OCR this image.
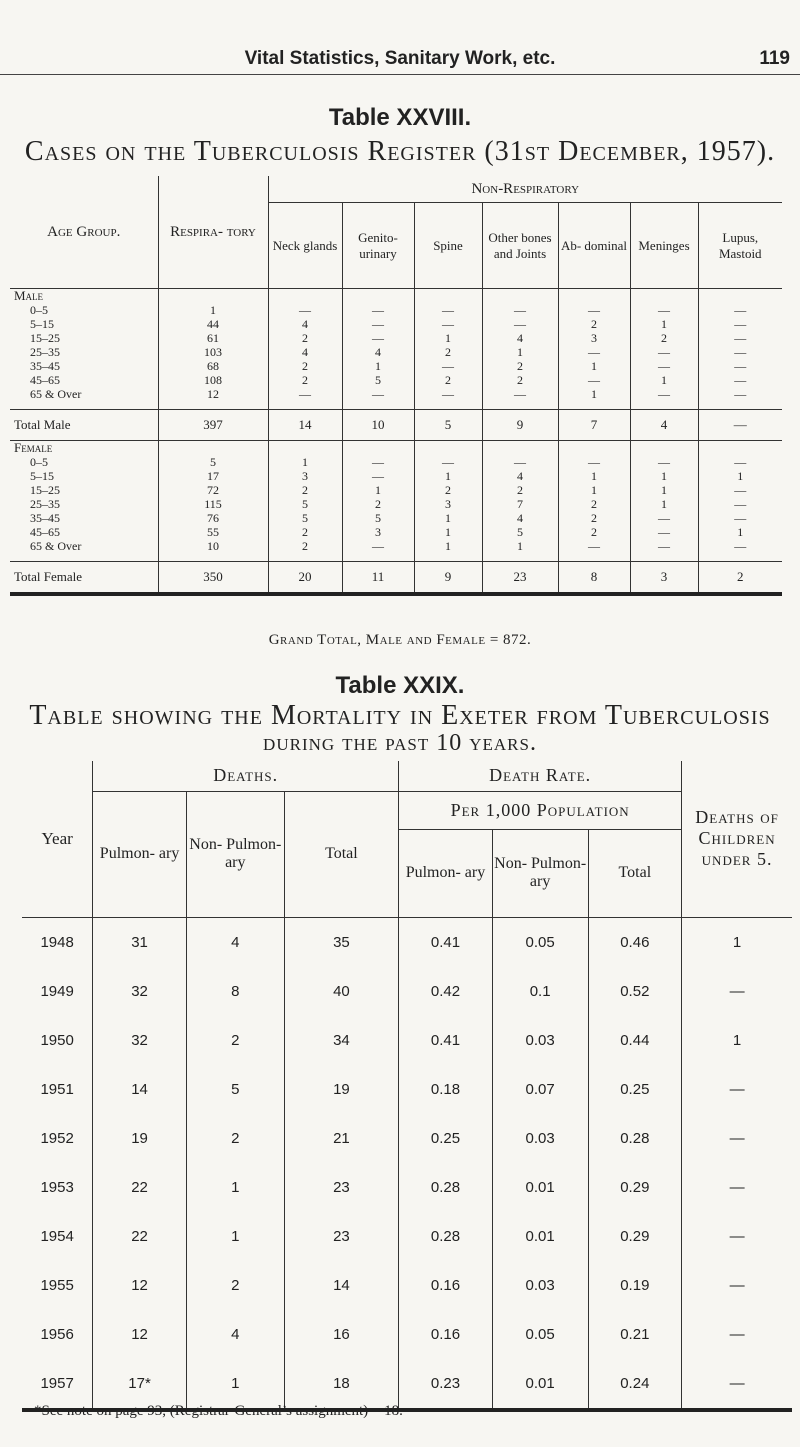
Vital Statistics, Sanitary Work, etc.	119
Table XXVIII.
Cases on the Tuberculosis Register (31st December, 1957).
Age Group.	Respira- tory	Non-Respiratory						
		Neck glands	Genito- urinary	Spine	Other bones and Joints	Ab- dominal	Meninges	Lupus, Mastoid
Male								
0–5	1	—	—	—	—	—	—	—
5–15	44	4	—	—	—	2	1	—
15–25	61	2	—	1	4	3	2	—
25–35	103	4	4	2	1	—	—	—
35–45	68	2	1	—	2	1	—	—
45–65	108	2	5	2	2	—	1	—
65 & Over	12	—	—	—	—	1	—	—
Total Male	397	14	10	5	9	7	4	—
Female								
0–5	5	1	—	—	—	—	—	—
5–15	17	3	—	1	4	1	1	1
15–25	72	2	1	2	2	1	1	—
25–35	115	5	2	3	7	2	1	—
35–45	76	5	5	1	4	2	—	—
45–65	55	2	3	1	5	2	—	1
65 & Over	10	2	—	1	1	—	—	—
Total Female	350	20	11	9	23	8	3	2
Grand Total, Male and Female = 872.
Table XXIX.
Table showing the Mortality in Exeter from Tuberculosis
during the past 10 years.
Year	Deaths.			Death Rate.			Deaths of Children under 5.
	Pulmon- ary	Non- Pulmon- ary	Total	Per 1,000 Population			
				Pulmon- ary	Non- Pulmon- ary	Total	
1948	31	4	35	0.41	0.05	0.46	1
1949	32	8	40	0.42	0.1	0.52	—
1950	32	2	34	0.41	0.03	0.44	1
1951	14	5	19	0.18	0.07	0.25	—
1952	19	2	21	0.25	0.03	0.28	—
1953	22	1	23	0.28	0.01	0.29	—
1954	22	1	23	0.28	0.01	0.29	—
1955	12	2	14	0.16	0.03	0.19	—
1956	12	4	16	0.16	0.05	0.21	—
1957	17*	1	18	0.23	0.01	0.24	—
*See note on page 93, (Registrar-General’s assignment) = 18.
